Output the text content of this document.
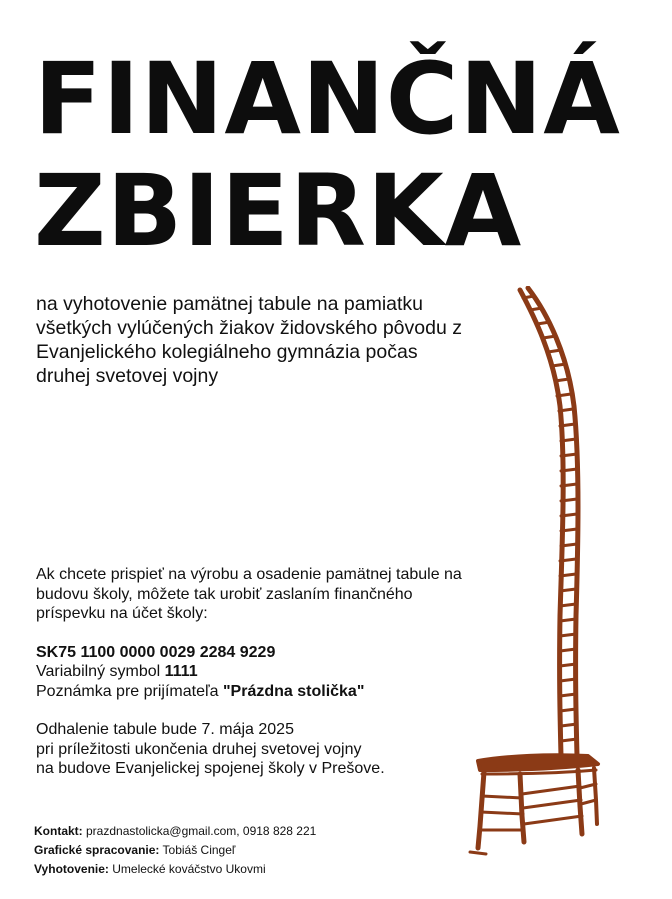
FINANČNÁ
ZBIERKA
na vyhotovenie pamätnej tabule na pamiatku všetkých vylúčených žiakov židovského pôvodu z Evanjelického kolegiálneho gymnázia počas druhej svetovej vojny

Ak chcete prispieť na výrobu a osadenie pamätnej tabule na budovu školy, môžete tak urobiť zaslaním finančného príspevku na účet školy:

SK75 1100 0000 0029 2284 9229

Variabilný symbol 1111

Poznámka pre prijímateľa "Prázdna stolička"

Odhalenie tabule bude 7. mája 2025

pri príležitosti ukončenia druhej svetovej vojny

na budove Evanjelickej spojenej školy v Prešove.

Kontakt: prazdnastolicka@gmail.com, 0918 828 221
Grafické spracovanie: Tobiáš Cingeľ
Vyhotovenie: Umelecké kováčstvo Ukovmi
